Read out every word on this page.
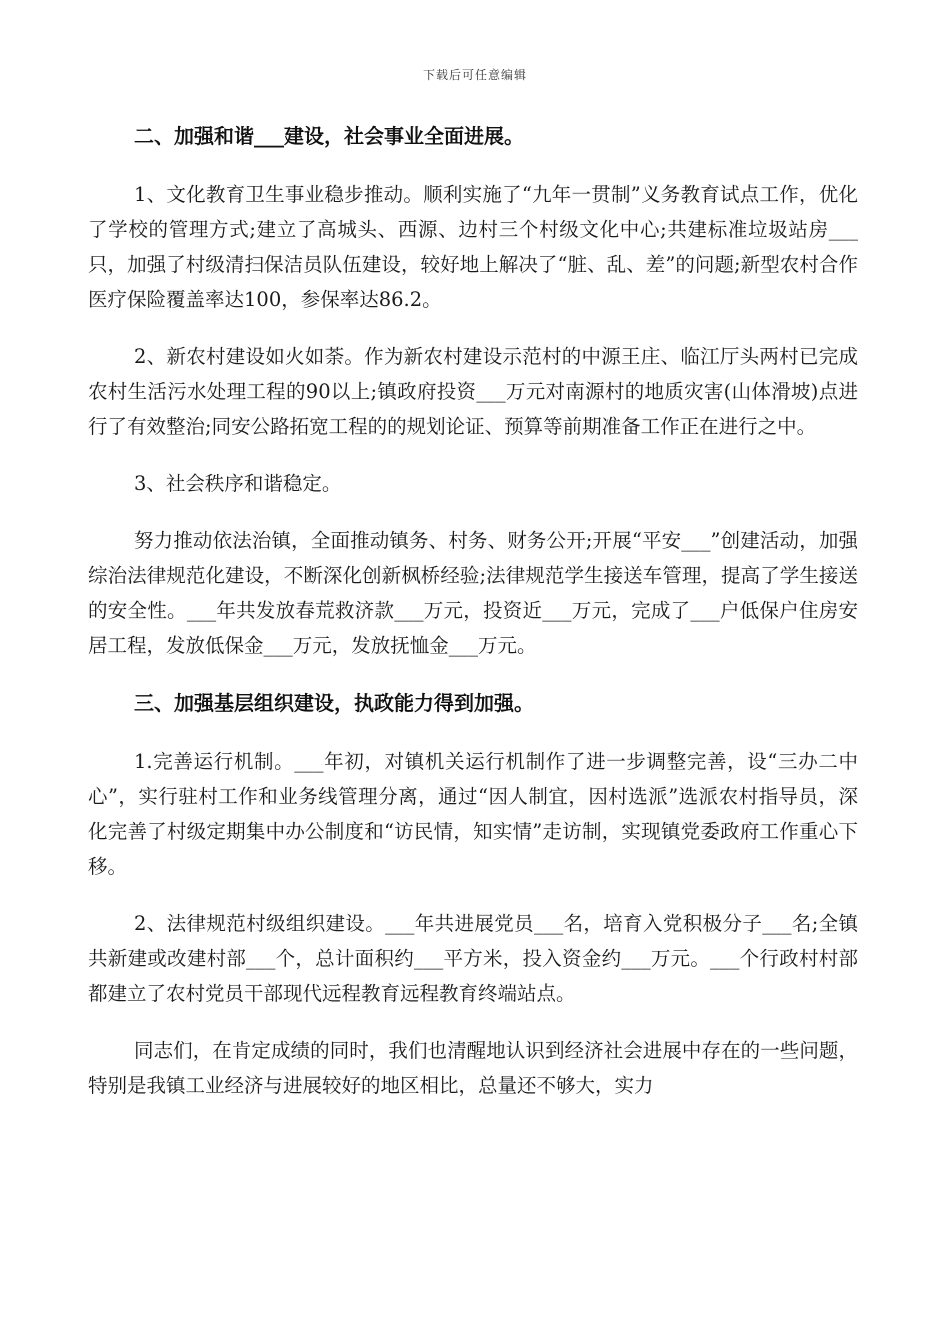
下载后可任意编辑
二、加强和谐___建设，社会事业全面进展。
1、文化教育卫生事业稳步推动。顺利实施了“九年一贯制”义务教育试点工作，优化了学校的管理方式;建立了高城头、西源、边村三个村级文化中心;共建标准垃圾站房___只，加强了村级清扫保洁员队伍建设，较好地上解决了“脏、乱、差”的问题;新型农村合作医疗保险覆盖率达100，参保率达86.2。
2、新农村建设如火如荼。作为新农村建设示范村的中源王庄、临江厅头两村已完成农村生活污水处理工程的90以上;镇政府投资___万元对南源村的地质灾害(山体滑坡)点进行了有效整治;同安公路拓宽工程的的规划论证、预算等前期准备工作正在进行之中。
3、社会秩序和谐稳定。
努力推动依法治镇，全面推动镇务、村务、财务公开;开展“平安___”创建活动，加强综治法律规范化建设，不断深化创新枫桥经验;法律规范学生接送车管理，提高了学生接送的安全性。___年共发放春荒救济款___万元，投资近___万元，完成了___户低保户住房安居工程，发放低保金___万元，发放抚恤金___万元。
三、加强基层组织建设，执政能力得到加强。
1.完善运行机制。___年初，对镇机关运行机制作了进一步调整完善，设“三办二中心”，实行驻村工作和业务线管理分离，通过“因人制宜，因村选派”选派农村指导员，深化完善了村级定期集中办公制度和“访民情，知实情”走访制，实现镇党委政府工作重心下移。
2、法律规范村级组织建设。___年共进展党员___名，培育入党积极分子___名;全镇共新建或改建村部___个，总计面积约___平方米，投入资金约___万元。___个行政村村部都建立了农村党员干部现代远程教育远程教育终端站点。
同志们，在肯定成绩的同时，我们也清醒地认识到经济社会进展中存在的一些问题，特别是我镇工业经济与进展较好的地区相比，总量还不够大，实力
